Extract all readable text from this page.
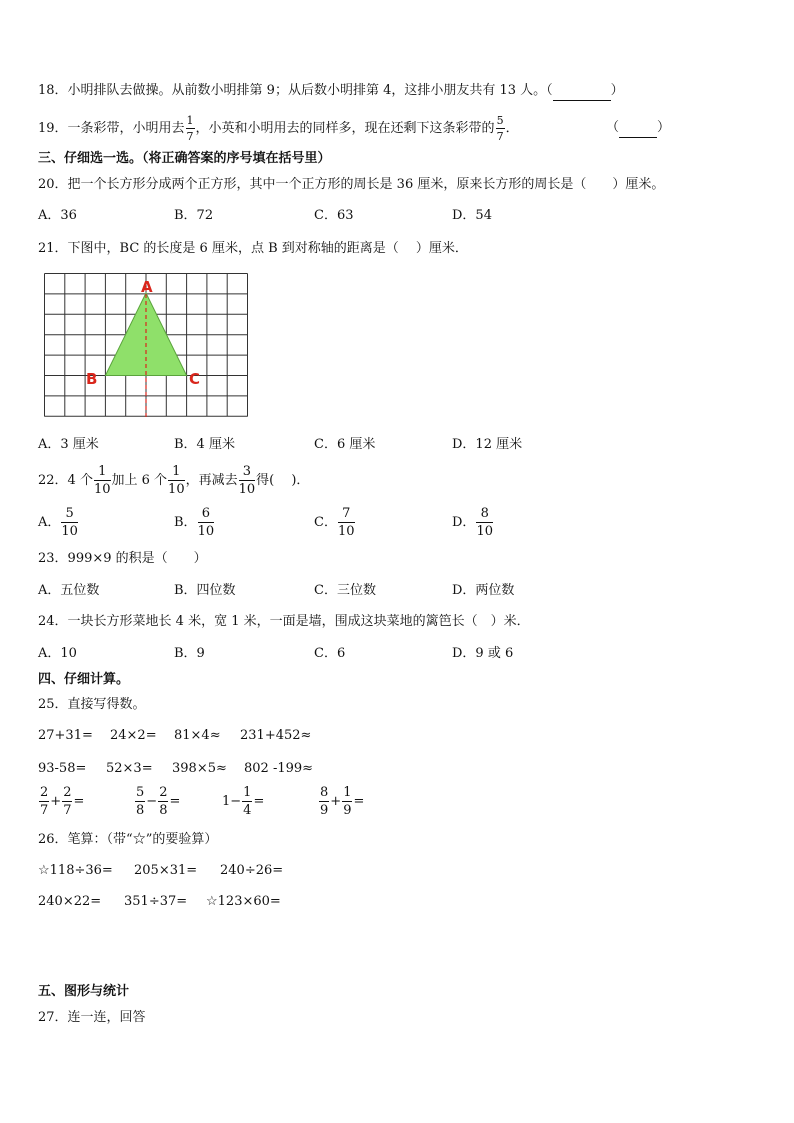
18．小明排队去做操。从前数小明排第 9；从后数小明排第 4，这排小朋友共有 13 人。（	）
19．一条彩带，小明用去 $\frac{1}{7}$ ，小英和小明用去的同样多，现在还剩下这条彩带的 $\frac{5}{7}$ ．	（	）
三、仔细选一选。（将正确答案的序号填在括号里）
20．把一个长方形分成两个正方形，其中一个正方形的周长是 36 厘米，原来长方形的周长是（　　）厘米。
A．36	B．72	C．63	D．54
21．下图中，BC 的长度是 6 厘米，点 B 到对称轴的距离是（　 ）厘米．
A
B	C
A．3 厘米	B．4 厘米	C．6 厘米	D．12 厘米
22．4 个 $\frac{1}{10}$ 加上 6 个 $\frac{1}{10}$ ，再减去 $\frac{3}{10}$ 得(　 )．
A． $\frac{5}{10}$	B． $\frac{6}{10}$	C． $\frac{7}{10}$	D． $\frac{8}{10}$
23．999×9 的积是（　　）
A．五位数	B．四位数	C．三位数	D．两位数
24．一块长方形菜地长 4 米，宽 1 米，一面是墙，围成这块菜地的篱笆长（　）米．
A．10	B．9	C．6	D．9 或 6
四、仔细计算。
25．直接写得数。
27+31= 24×2= 81×4≈ 231+452≈
93-58= 52×3= 398×5≈ 802 -199≈
$\frac{2}{7} + \frac{2}{7}$ =	$\frac{5}{8} - \frac{2}{8}$ =	$1- \frac{1}{4}$ =	$\frac{8}{9} + \frac{1}{9}$ =
26．笔算：（带“☆”的要验算）
☆118÷36= 205×31= 240÷26=
240×22= 351÷37= ☆123×60=
五、图形与统计
27．连一连，回答
